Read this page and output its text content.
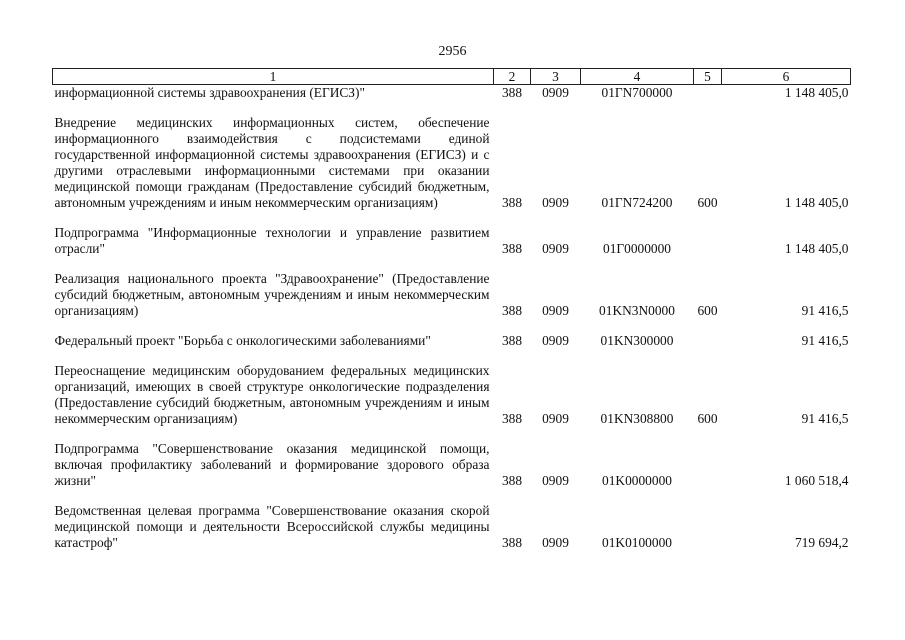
2956
1	2	3	4	5	6
информационной системы здравоохранения (ЕГИСЗ)"	388	0909	01ГN700000		1 148 405,0
Внедрение медицинских информационных систем, обеспечение информационного взаимодействия с подсистемами единой государственной информационной системы здравоохранения (ЕГИСЗ) и с другими отраслевыми информационными системами при оказании медицинской помощи гражданам (Предоставление субсидий бюджетным, автономным учреждениям и иным некоммерческим организациям)	388	0909	01ГN724200	600	1 148 405,0
Подпрограмма "Информационные технологии и управление развитием отрасли"	388	0909	01Г0000000		1 148 405,0
Реализация национального проекта "Здравоохранение" (Предоставление субсидий бюджетным, автономным учреждениям и иным некоммерческим организациям)	388	0909	01KN3N0000	600	91 416,5
Федеральный проект "Борьба с онкологическими заболеваниями"	388	0909	01KN300000		91 416,5
Переоснащение медицинским оборудованием федеральных медицинских организаций, имеющих в своей структуре онкологические подразделения (Предоставление субсидий бюджетным, автономным учреждениям и иным некоммерческим организациям)	388	0909	01KN308800	600	91 416,5
Подпрограмма "Совершенствование оказания медицинской помощи, включая профилактику заболеваний и формирование здорового образа жизни"	388	0909	01K0000000		1 060 518,4
Ведомственная целевая программа "Совершенствование оказания скорой медицинской помощи и деятельности Всероссийской службы медицины катастроф"	388	0909	01K0100000		719 694,2
